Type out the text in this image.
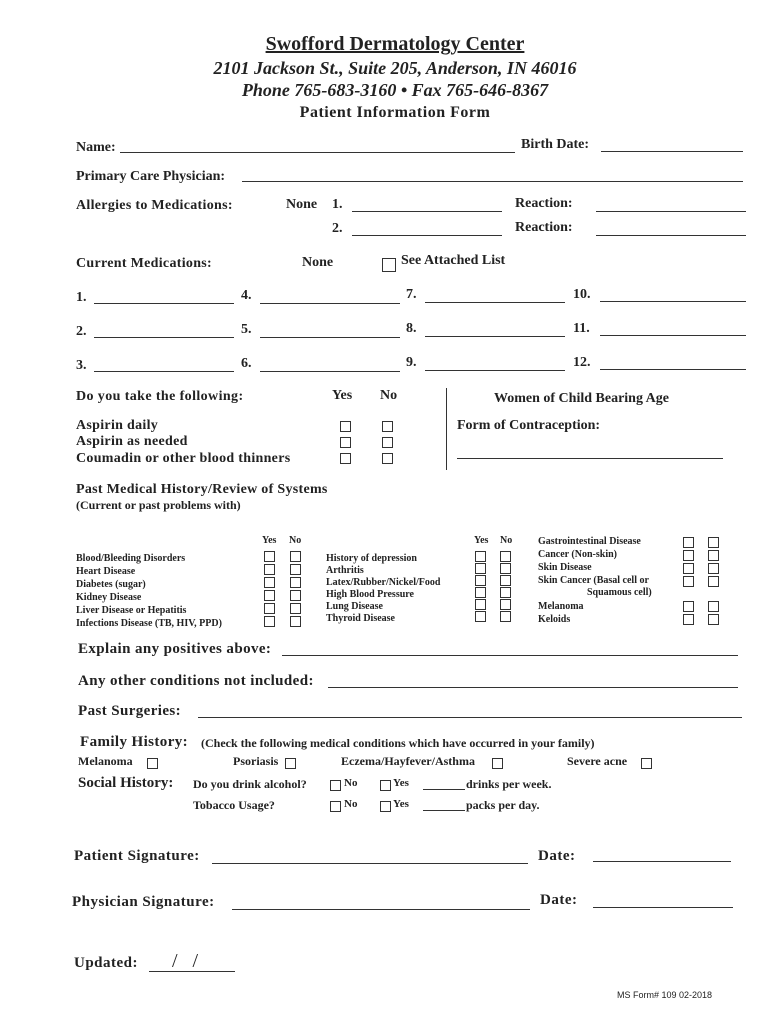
Swofford Dermatology Center
2101 Jackson St., Suite 205, Anderson, IN 46016
Phone 765-683-3160 • Fax 765-646-8367
Patient Information Form
Name:	Birth Date:
Primary Care Physician:
Allergies to Medications:	None 1.	Reaction:
2.	Reaction:
Current Medications:	None	See Attached List
1.	4.	7.	10.
2.	5.	8.	11.
3.	6.	9.	12.
Do you take the following:	Yes No
Aspirin daily
Aspirin as needed
Coumadin or other blood thinners
Women of Child Bearing Age
Form of Contraception:
Past Medical History/Review of Systems
(Current or past problems with)
Yes No	Yes No
Blood/Bleeding Disorders
Heart Disease
Diabetes (sugar)
Kidney Disease
Liver Disease or Hepatitis
Infections Disease (TB, HIV, PPD)
History of depression
Arthritis
Latex/Rubber/Nickel/Food
High Blood Pressure
Lung Disease
Thyroid Disease
Gastrointestinal Disease
Cancer (Non-skin)
Skin Disease
Skin Cancer (Basal cell or
Squamous cell)
Melanoma
Keloids
Explain any positives above:
Any other conditions not included:
Past Surgeries:
Family History: (Check the following medical conditions which have occurred in your family)
Melanoma	Psoriasis	Eczema/Hayfever/Asthma	Severe acne
Social History: Do you drink alcohol?	No	Yes	drinks per week.
Tobacco Usage?	No	Yes	packs per day.
Patient Signature:	Date:
Physician Signature:	Date:
Updated: /   /
MS Form# 109 02-2018
